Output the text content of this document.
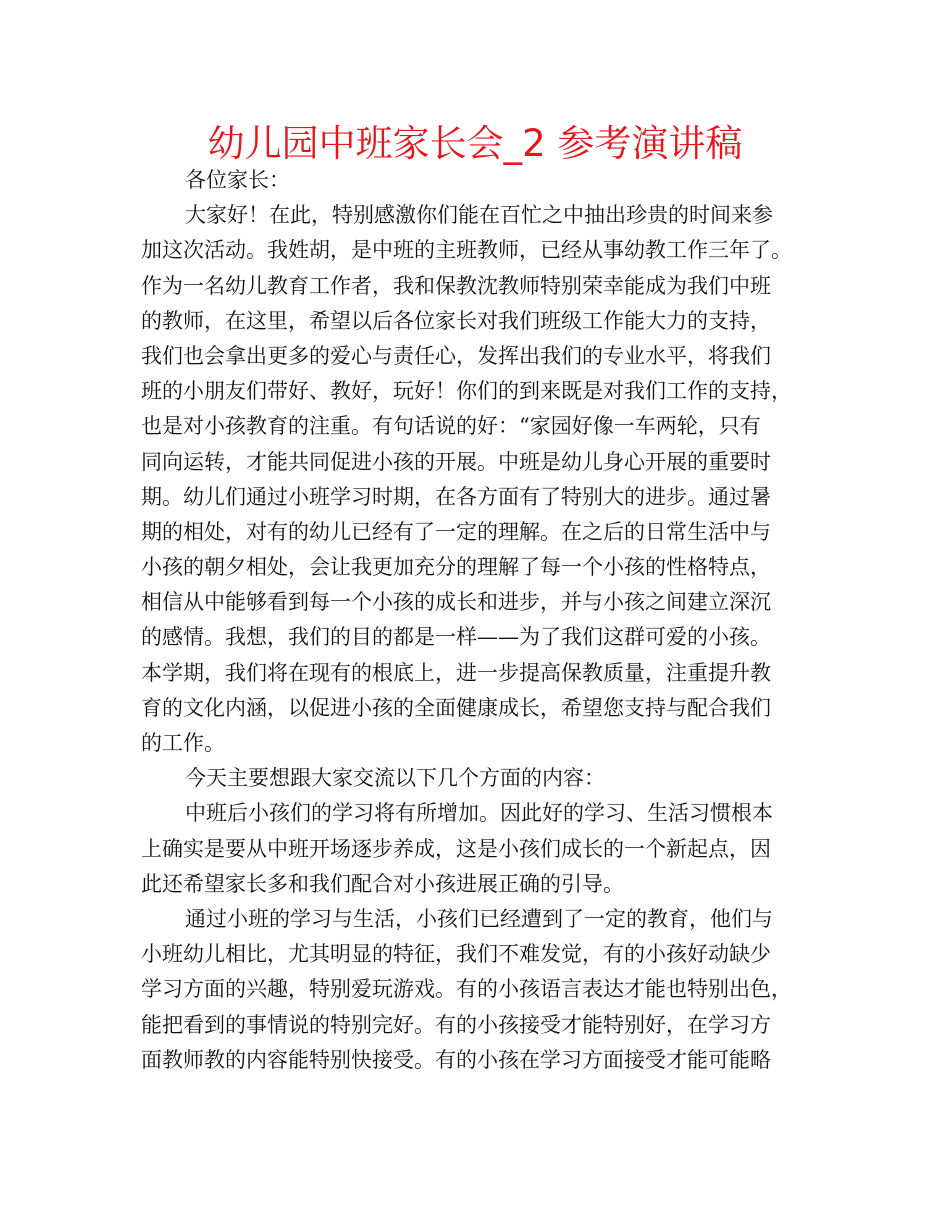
幼儿园中班家长会_2 参考演讲稿
各位家长：
大家好！在此，特别感激你们能在百忙之中抽出珍贵的时间来参
加这次活动。我姓胡，是中班的主班教师，已经从事幼教工作三年了。
作为一名幼儿教育工作者，我和保教沈教师特别荣幸能成为我们中班
的教师，在这里，希望以后各位家长对我们班级工作能大力的支持，
我们也会拿出更多的爱心与责任心，发挥出我们的专业水平，将我们
班的小朋友们带好、教好，玩好！你们的到来既是对我们工作的支持，
也是对小孩教育的注重。有句话说的好：“家园好像一车两轮，只有
同向运转，才能共同促进小孩的开展。中班是幼儿身心开展的重要时
期。幼儿们通过小班学习时期，在各方面有了特别大的进步。通过暑
期的相处，对有的幼儿已经有了一定的理解。在之后的日常生活中与
小孩的朝夕相处，会让我更加充分的理解了每一个小孩的性格特点，
相信从中能够看到每一个小孩的成长和进步，并与小孩之间建立深沉
的感情。我想，我们的目的都是一样——为了我们这群可爱的小孩。
本学期，我们将在现有的根底上，进一步提高保教质量，注重提升教
育的文化内涵，以促进小孩的全面健康成长，希望您支持与配合我们
的工作。
今天主要想跟大家交流以下几个方面的内容：
中班后小孩们的学习将有所增加。因此好的学习、生活习惯根本
上确实是要从中班开场逐步养成，这是小孩们成长的一个新起点，因
此还希望家长多和我们配合对小孩进展正确的引导。
通过小班的学习与生活，小孩们已经遭到了一定的教育，他们与
小班幼儿相比，尤其明显的特征，我们不难发觉，有的小孩好动缺少
学习方面的兴趣，特别爱玩游戏。有的小孩语言表达才能也特别出色，
能把看到的事情说的特别完好。有的小孩接受才能特别好，在学习方
面教师教的内容能特别快接受。有的小孩在学习方面接受才能可能略
